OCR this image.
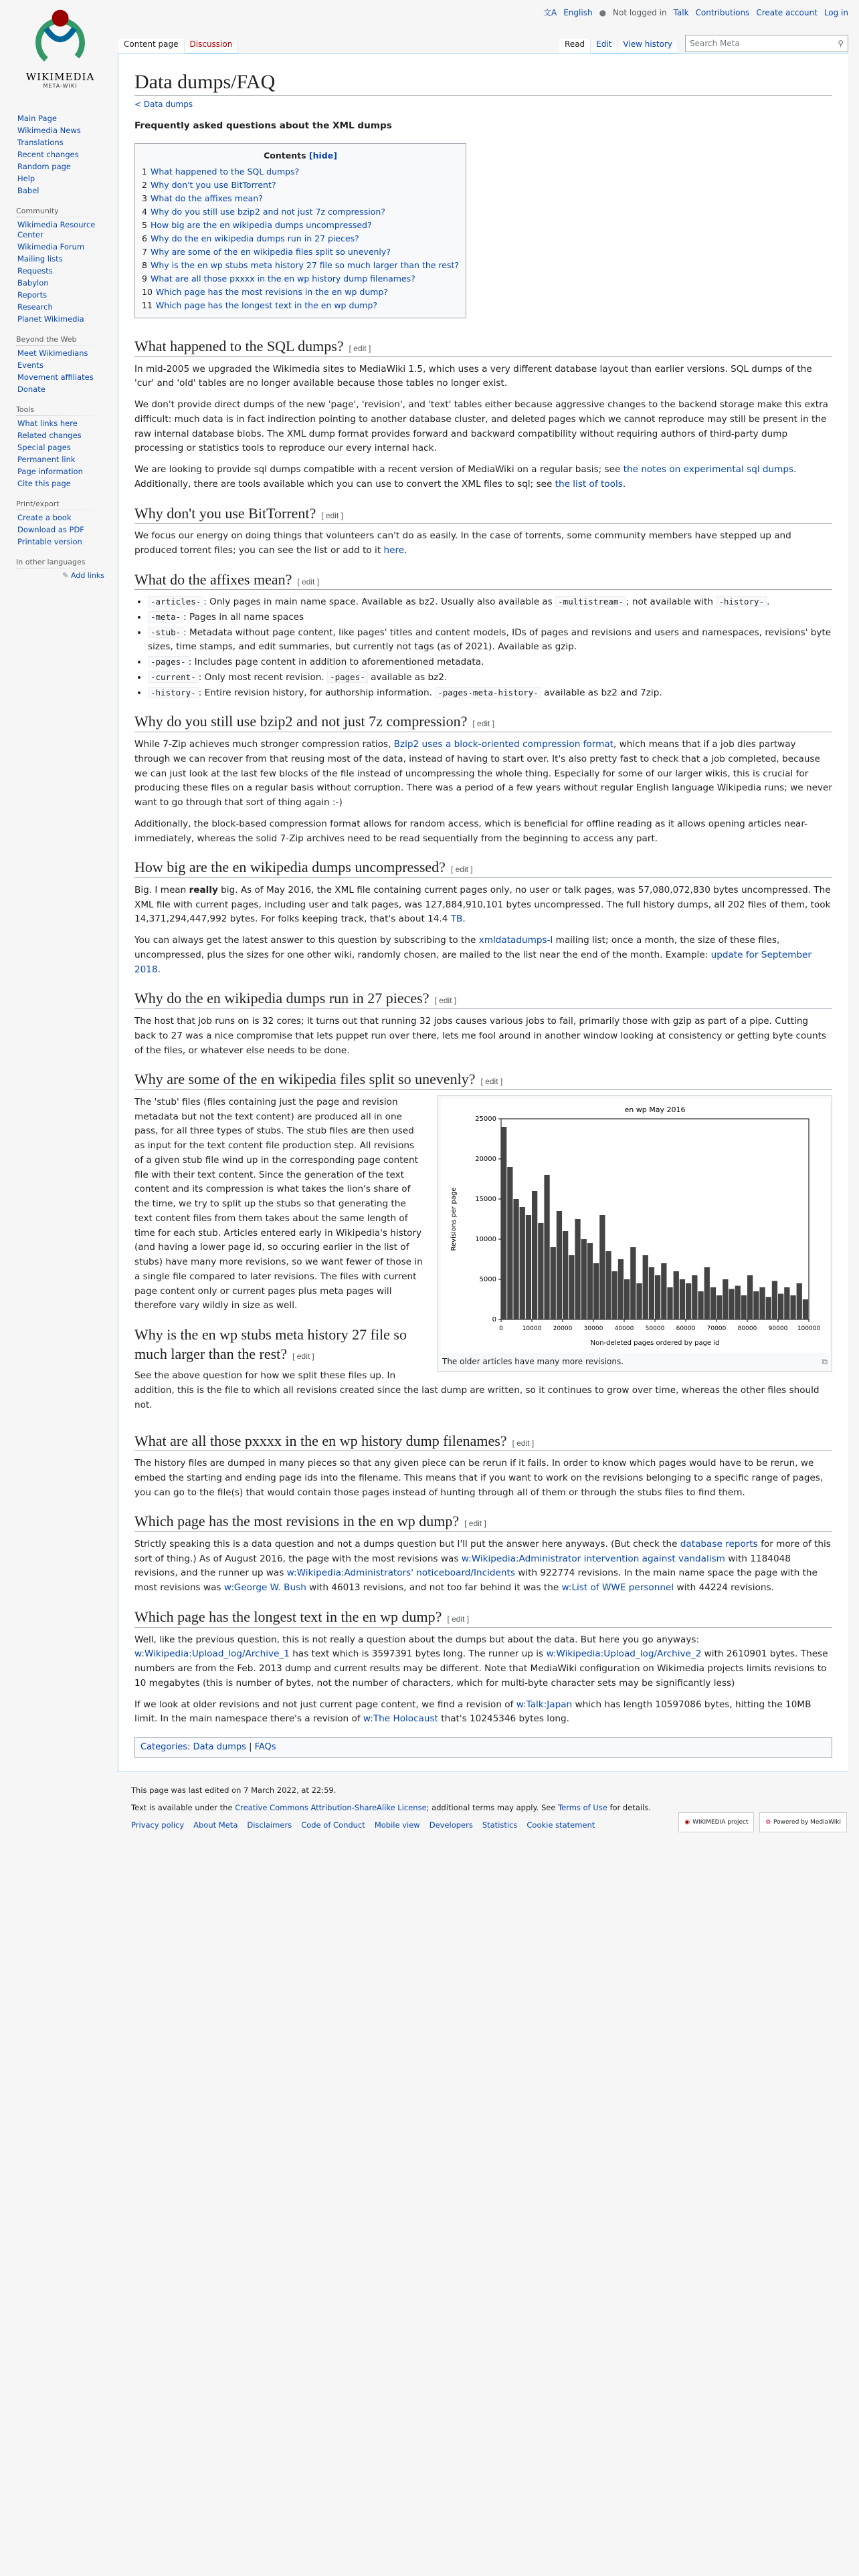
文A English ● Not logged in Talk Contributions Create account Log in
WIKIMEDIA
META-WIKI
Content page Discussion	Read Edit View history Search Meta	⚲
Main Page
Wikimedia News
Translations
Recent changes
Random page
Help
Babel
Community
Wikimedia Resource Center
Wikimedia Forum
Mailing lists
Requests
Babylon
Reports
Research
Planet Wikimedia
Beyond the Web
Meet Wikimedians
Events
Movement affiliates
Donate
Tools
What links here
Related changes
Special pages
Permanent link
Page information
Cite this page
Print/export
Create a book
Download as PDF
Printable version
In other languages
✎ Add links
Data dumps/FAQ
< Data dumps

Frequently asked questions about the XML dumps

Contents [hide]
1 What happened to the SQL dumps?
2 Why don't you use BitTorrent?
3 What do the affixes mean?
4 Why do you still use bzip2 and not just 7z compression?
5 How big are the en wikipedia dumps uncompressed?
6 Why do the en wikipedia dumps run in 27 pieces?
7 Why are some of the en wikipedia files split so unevenly?
8 Why is the en wp stubs meta history 27 file so much larger than the rest?
9 What are all those pxxxx in the en wp history dump filenames?
10 Which page has the most revisions in the en wp dump?
11 Which page has the longest text in the en wp dump?
What happened to the SQL dumps? [ edit ]

In mid-2005 we upgraded the Wikimedia sites to MediaWiki 1.5, which uses a very different database layout than earlier versions. SQL dumps of the 'cur' and 'old' tables are no longer available because those tables no longer exist.

We don't provide direct dumps of the new 'page', 'revision', and 'text' tables either because aggressive changes to the backend storage make this extra difficult: much data is in fact indirection pointing to another database cluster, and deleted pages which we cannot reproduce may still be present in the raw internal database blobs. The XML dump format provides forward and backward compatibility without requiring authors of third-party dump processing or statistics tools to reproduce our every internal hack.

We are looking to provide sql dumps compatible with a recent version of MediaWiki on a regular basis; see the notes on experimental sql dumps. Additionally, there are tools available which you can use to convert the XML files to sql; see the list of tools.

Why don't you use BitTorrent? [ edit ]

We focus our energy on doing things that volunteers can't do as easily. In the case of torrents, some community members have stepped up and produced torrent files; you can see the list or add to it here.

What do the affixes mean? [ edit ]
• -articles- : Only pages in main name space. Available as bz2. Usually also available as -multistream- ; not available with -history- .
• -meta- : Pages in all name spaces
• -stub- : Metadata without page content, like pages' titles and content models, IDs of pages and revisions and users and namespaces, revisions' byte sizes, time stamps, and edit summaries, but currently not tags (as of 2021). Available as gzip.
• -pages- : Includes page content in addition to aforementioned metadata.
• -current- : Only most recent revision. -pages- available as bz2.
• -history- : Entire revision history, for authorship information. -pages-meta-history- available as bz2 and 7zip.
Why do you still use bzip2 and not just 7z compression? [ edit ]

While 7-Zip achieves much stronger compression ratios, Bzip2 uses a block-oriented compression format, which means that if a job dies partway through we can recover from that reusing most of the data, instead of having to start over. It's also pretty fast to check that a job completed, because we can just look at the last few blocks of the file instead of uncompressing the whole thing. Especially for some of our larger wikis, this is crucial for producing these files on a regular basis without corruption. There was a period of a few years without regular English language Wikipedia runs; we never want to go through that sort of thing again :-)

Additionally, the block-based compression format allows for random access, which is beneficial for offline reading as it allows opening articles near-immediately, whereas the solid 7-Zip archives need to be read sequentially from the beginning to access any part.

How big are the en wikipedia dumps uncompressed? [ edit ]

Big. I mean really big. As of May 2016, the XML file containing current pages only, no user or talk pages, was 57,080,072,830 bytes uncompressed. The XML file with current pages, including user and talk pages, was 127,884,910,101 bytes uncompressed. The full history dumps, all 202 files of them, took 14,371,294,447,992 bytes. For folks keeping track, that's about 14.4 TB.

You can always get the latest answer to this question by subscribing to the xmldatadumps-l mailing list; once a month, the size of these files, uncompressed, plus the sizes for one other wiki, randomly chosen, are mailed to the list near the end of the month. Example: update for September 2018.

Why do the en wikipedia dumps run in 27 pieces? [ edit ]

The host that job runs on is 32 cores; it turns out that running 32 jobs causes various jobs to fail, primarily those with gzip as part of a pipe. Cutting back to 27 was a nice compromise that lets puppet run over there, lets me fool around in another window looking at consistency or getting byte counts of the files, or whatever else needs to be done.

Why are some of the en wikipedia files split so unevenly? [ edit ]
0
5000
10000
15000
20000
25000
0	10000 20000 30000 40000 50000 60000 70000 80000 90000 100000
en wp May 2016
Non-deleted pages ordered by page id
Revisions per page
The older articles have many more revisions.	⧉

The 'stub' files (files containing just the page and revision metadata but not the text content) are produced all in one pass, for all three types of stubs. The stub files are then used as input for the text content file production step. All revisions of a given stub file wind up in the corresponding page content file with their text content. Since the generation of the text content and its compression is what takes the lion's share of the time, we try to split up the stubs so that generating the text content files from them takes about the same length of time for each stub. Articles entered early in Wikipedia's history (and having a lower page id, so occuring earlier in the list of stubs) have many more revisions, so we want fewer of those in a single file compared to later revisions. The files with current page content only or current pages plus meta pages will therefore vary wildly in size as well.

Why is the en wp stubs meta history 27 file so much larger than the rest? [ edit ]

See the above question for how we split these files up. In addition, this is the file to which all revisions created since the last dump are written, so it continues to grow over time, whereas the other files should not.

What are all those pxxxx in the en wp history dump filenames? [ edit ]

The history files are dumped in many pieces so that any given piece can be rerun if it fails. In order to know which pages would have to be rerun, we embed the starting and ending page ids into the filename. This means that if you want to work on the revisions belonging to a specific range of pages, you can go to the file(s) that would contain those pages instead of hunting through all of them or through the stubs files to find them.

Which page has the most revisions in the en wp dump? [ edit ]

Strictly speaking this is a data question and not a dumps question but I'll put the answer here anyways. (But check the database reports for more of this sort of thing.) As of August 2016, the page with the most revisions was w:Wikipedia:Administrator intervention against vandalism with 1184048 revisions, and the runner up was w:Wikipedia:Administrators' noticeboard/Incidents with 922774 revisions. In the main name space the page with the most revisions was w:George W. Bush with 46013 revisions, and not too far behind it was the w:List of WWE personnel with 44224 revisions.

Which page has the longest text in the en wp dump? [ edit ]

Well, like the previous question, this is not really a question about the dumps but about the data. But here you go anyways: w:Wikipedia:Upload_log/Archive_1 has text which is 3597391 bytes long. The runner up is w:Wikipedia:Upload_log/Archive_2 with 2610901 bytes. These numbers are from the Feb. 2013 dump and current results may be different. Note that MediaWiki configuration on Wikimedia projects limits revisions to 10 megabytes (this is number of bytes, not the number of characters, which for multi-byte character sets may be significantly less)

If we look at older revisions and not just current page content, we find a revision of w:Talk:Japan which has length 10597086 bytes, hitting the 10MB limit. In the main namespace there's a revision of w:The Holocaust that's 10245346 bytes long.

Categories: Data dumps | FAQs

This page was last edited on 7 March 2022, at 22:59.

Text is available under the Creative Commons Attribution-ShareAlike License; additional terms may apply. See Terms of Use for details.

Privacy policy About Meta Disclaimers Code of Conduct Mobile view Developers Statistics Cookie statement	◉ WIKIMEDIA project	✿ Powered by MediaWiki
